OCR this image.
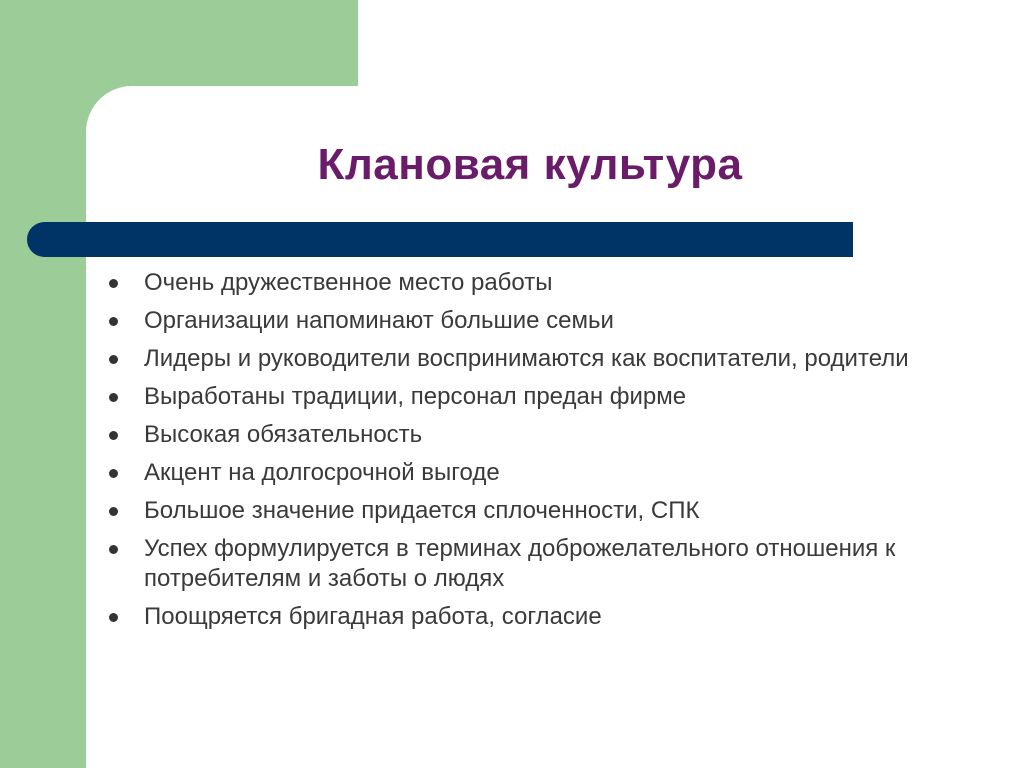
Клановая культура
Очень дружественное место работы
Организации напоминают большие семьи
Лидеры и руководители воспринимаются как воспитатели, родители
Выработаны традиции, персонал предан фирме
Высокая обязательность
Акцент на долгосрочной выгоде
Большое значение придается сплоченности, СПК
Успех формулируется в терминах доброжелательного отношения к потребителям и заботы о людях
Поощряется бригадная работа, согласие
